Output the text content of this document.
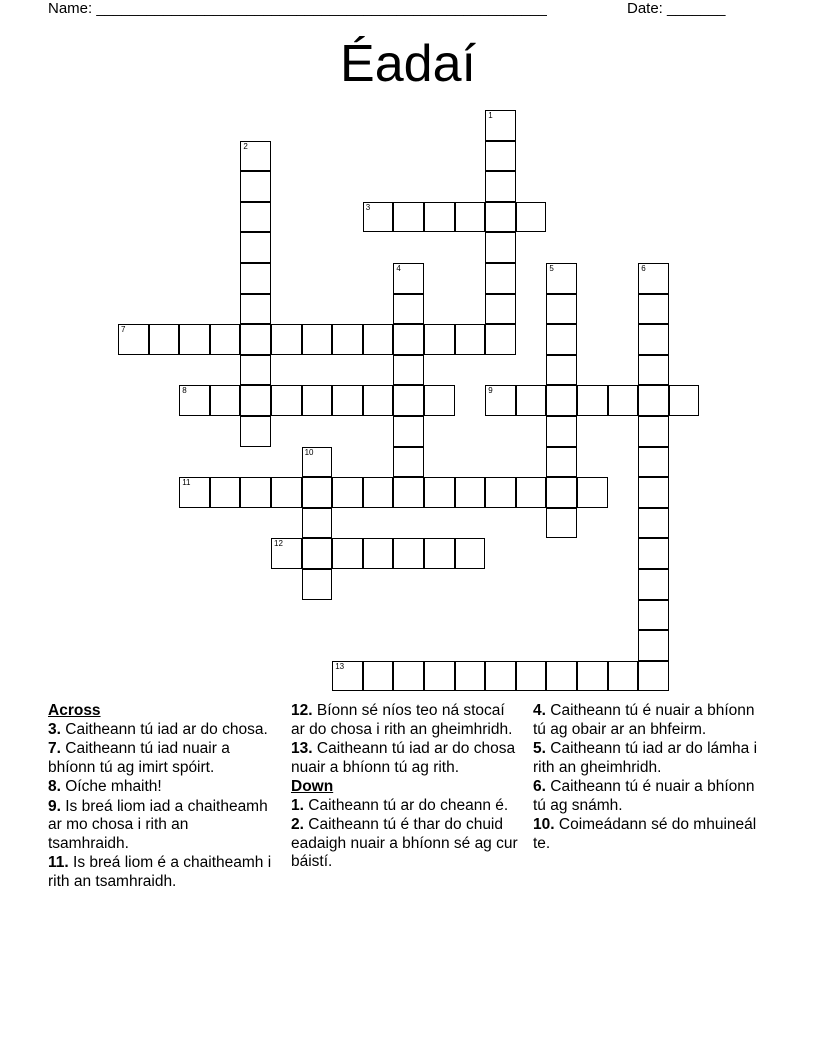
Name: ______________________________________________________	Date: _______
Éadaí
1
2
3
4	5	6
7
8	9
10
11
12
13
Across

3. Caitheann tú iad ar do chosa.

7. Caitheann tú iad nuair a bhíonn tú ag imirt spóirt.

8. Oíche mhaith!

9. Is breá liom iad a chaitheamh ar mo chosa i rith an tsamhraidh.

11. Is breá liom é a chaitheamh i rith an tsamhraidh.

12. Bíonn sé níos teo ná stocaí ar do chosa i rith an gheimhridh.

13. Caitheann tú iad ar do chosa nuair a bhíonn tú ag rith.

Down

1. Caitheann tú ar do cheann é.

2. Caitheann tú é thar do chuid eadaigh nuair a bhíonn sé ag cur báistí.

4. Caitheann tú é nuair a bhíonn tú ag obair ar an bhfeirm.

5. Caitheann tú iad ar do lámha i rith an gheimhridh.

6. Caitheann tú é nuair a bhíonn tú ag snámh.

10. Coimeádann sé do mhuineál te.
